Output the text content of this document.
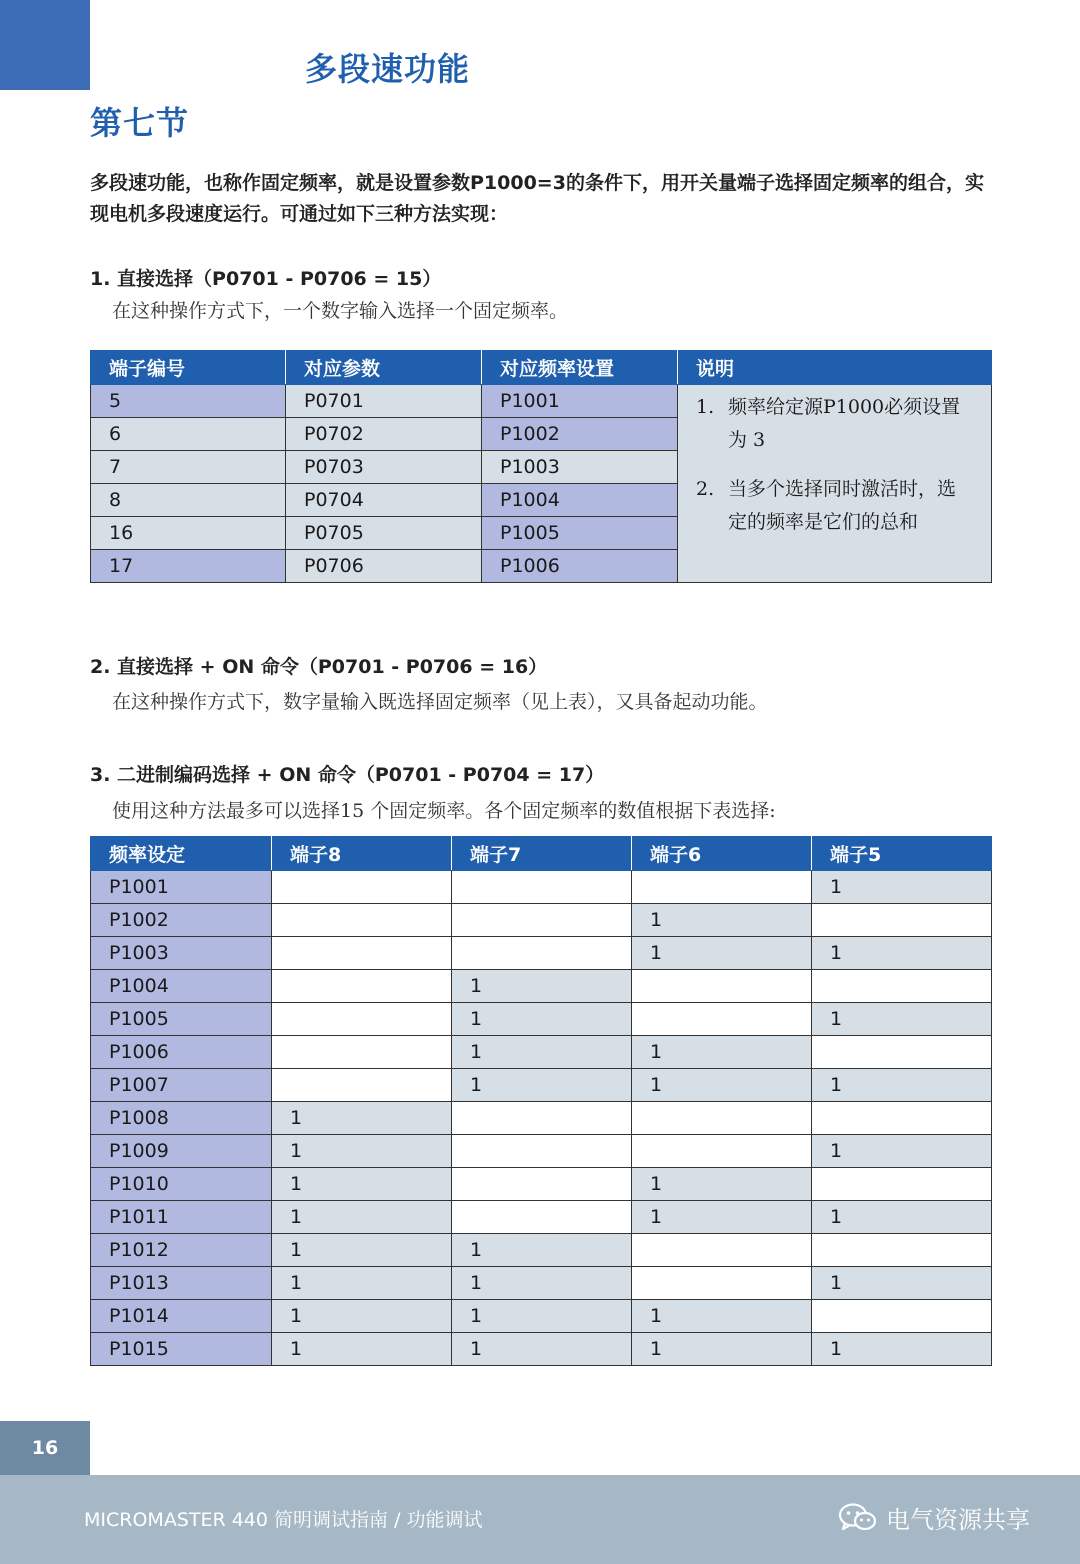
多段速功能
第七节
多段速功能，也称作固定频率，就是设置参数P1000=3的条件下，用开关量端子选择固定频率的组合，实现电机多段速度运行。可通过如下三种方法实现：
1. 直接选择（P0701 - P0706 = 15）
在这种操作方式下，一个数字输入选择一个固定频率。
端子编号	对应参数	对应频率设置	说明
5	P0701	P1001	1. 频率给定源P1000必须设置
为 3
2. 当多个选择同时激活时，选
定的频率是它们的总和

6	P0702	P1002	
7	P0703	P1003	
8	P0704	P1004	
16	P0705	P1005	
17	P0706	P1006	
2. 直接选择 + ON 命令（P0701 - P0706 = 16）
在这种操作方式下，数字量输入既选择固定频率（见上表），又具备起动功能。
3. 二进制编码选择 + ON 命令（P0701 - P0704 = 17）
使用这种方法最多可以选择15 个固定频率。各个固定频率的数值根据下表选择:
频率设定	端子8	端子7	端子6	端子5
P1001				1
P1002			1	
P1003			1	1
P1004		1		
P1005		1		1
P1006		1	1	
P1007		1	1	1
P1008	1			
P1009	1			1
P1010	1		1	
P1011	1		1	1
P1012	1	1		
P1013	1	1		1
P1014	1	1	1	
P1015	1	1	1	1
16
MICROMASTER 440 简明调试指南 / 功能调试	电气资源共享
